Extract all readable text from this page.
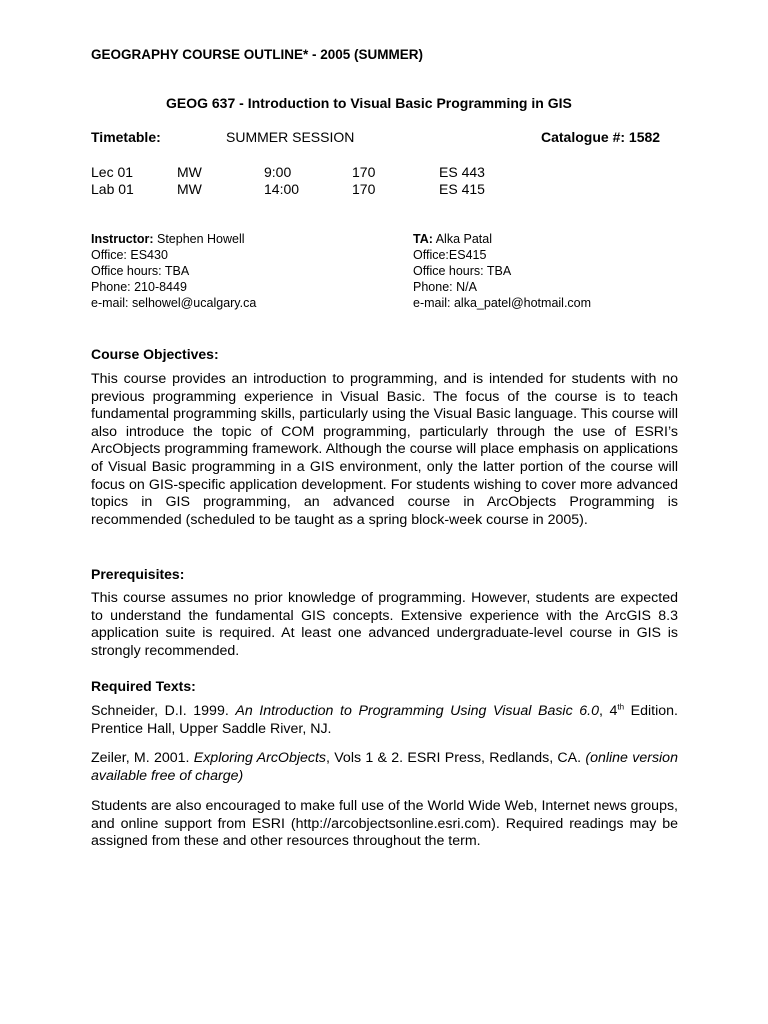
GEOGRAPHY COURSE OUTLINE* - 2005 (SUMMER)
GEOG 637 - Introduction to Visual Basic Programming in GIS
Timetable:	SUMMER SESSION	Catalogue #: 1582
Lec 01	MW	9:00	170	ES 443
Lab 01	MW	14:00	170	ES 415
Instructor: Stephen Howell
Office: ES430
Office hours: TBA
Phone: 210-8449
e-mail: selhowel@ucalgary.ca
TA: Alka Patal
Office:ES415
Office hours: TBA
Phone: N/A
e-mail: alka_patel@hotmail.com
Course Objectives:
This course provides an introduction to programming, and is intended for students with no previous programming experience in Visual Basic. The focus of the course is to teach fundamental programming skills, particularly using the Visual Basic language. This course will also introduce the topic of COM programming, particularly through the use of ESRI’s ArcObjects programming framework. Although the course will place emphasis on applications of Visual Basic programming in a GIS environment, only the latter portion of the course will focus on GIS-specific application development. For students wishing to cover more advanced topics in GIS programming, an advanced course in ArcObjects Programming is recommended (scheduled to be taught as a spring block-week course in 2005).
Prerequisites:
This course assumes no prior knowledge of programming. However, students are expected to understand the fundamental GIS concepts. Extensive experience with the ArcGIS 8.3 application suite is required. At least one advanced undergraduate-level course in GIS is strongly recommended.
Required Texts:
Schneider, D.I. 1999. An Introduction to Programming Using Visual Basic 6.0, 4th Edition. Prentice Hall, Upper Saddle River, NJ.
Zeiler, M. 2001. Exploring ArcObjects, Vols 1 & 2. ESRI Press, Redlands, CA. (online version available free of charge)
Students are also encouraged to make full use of the World Wide Web, Internet news groups, and online support from ESRI (http://arcobjectsonline.esri.com). Required readings may be assigned from these and other resources throughout the term.
